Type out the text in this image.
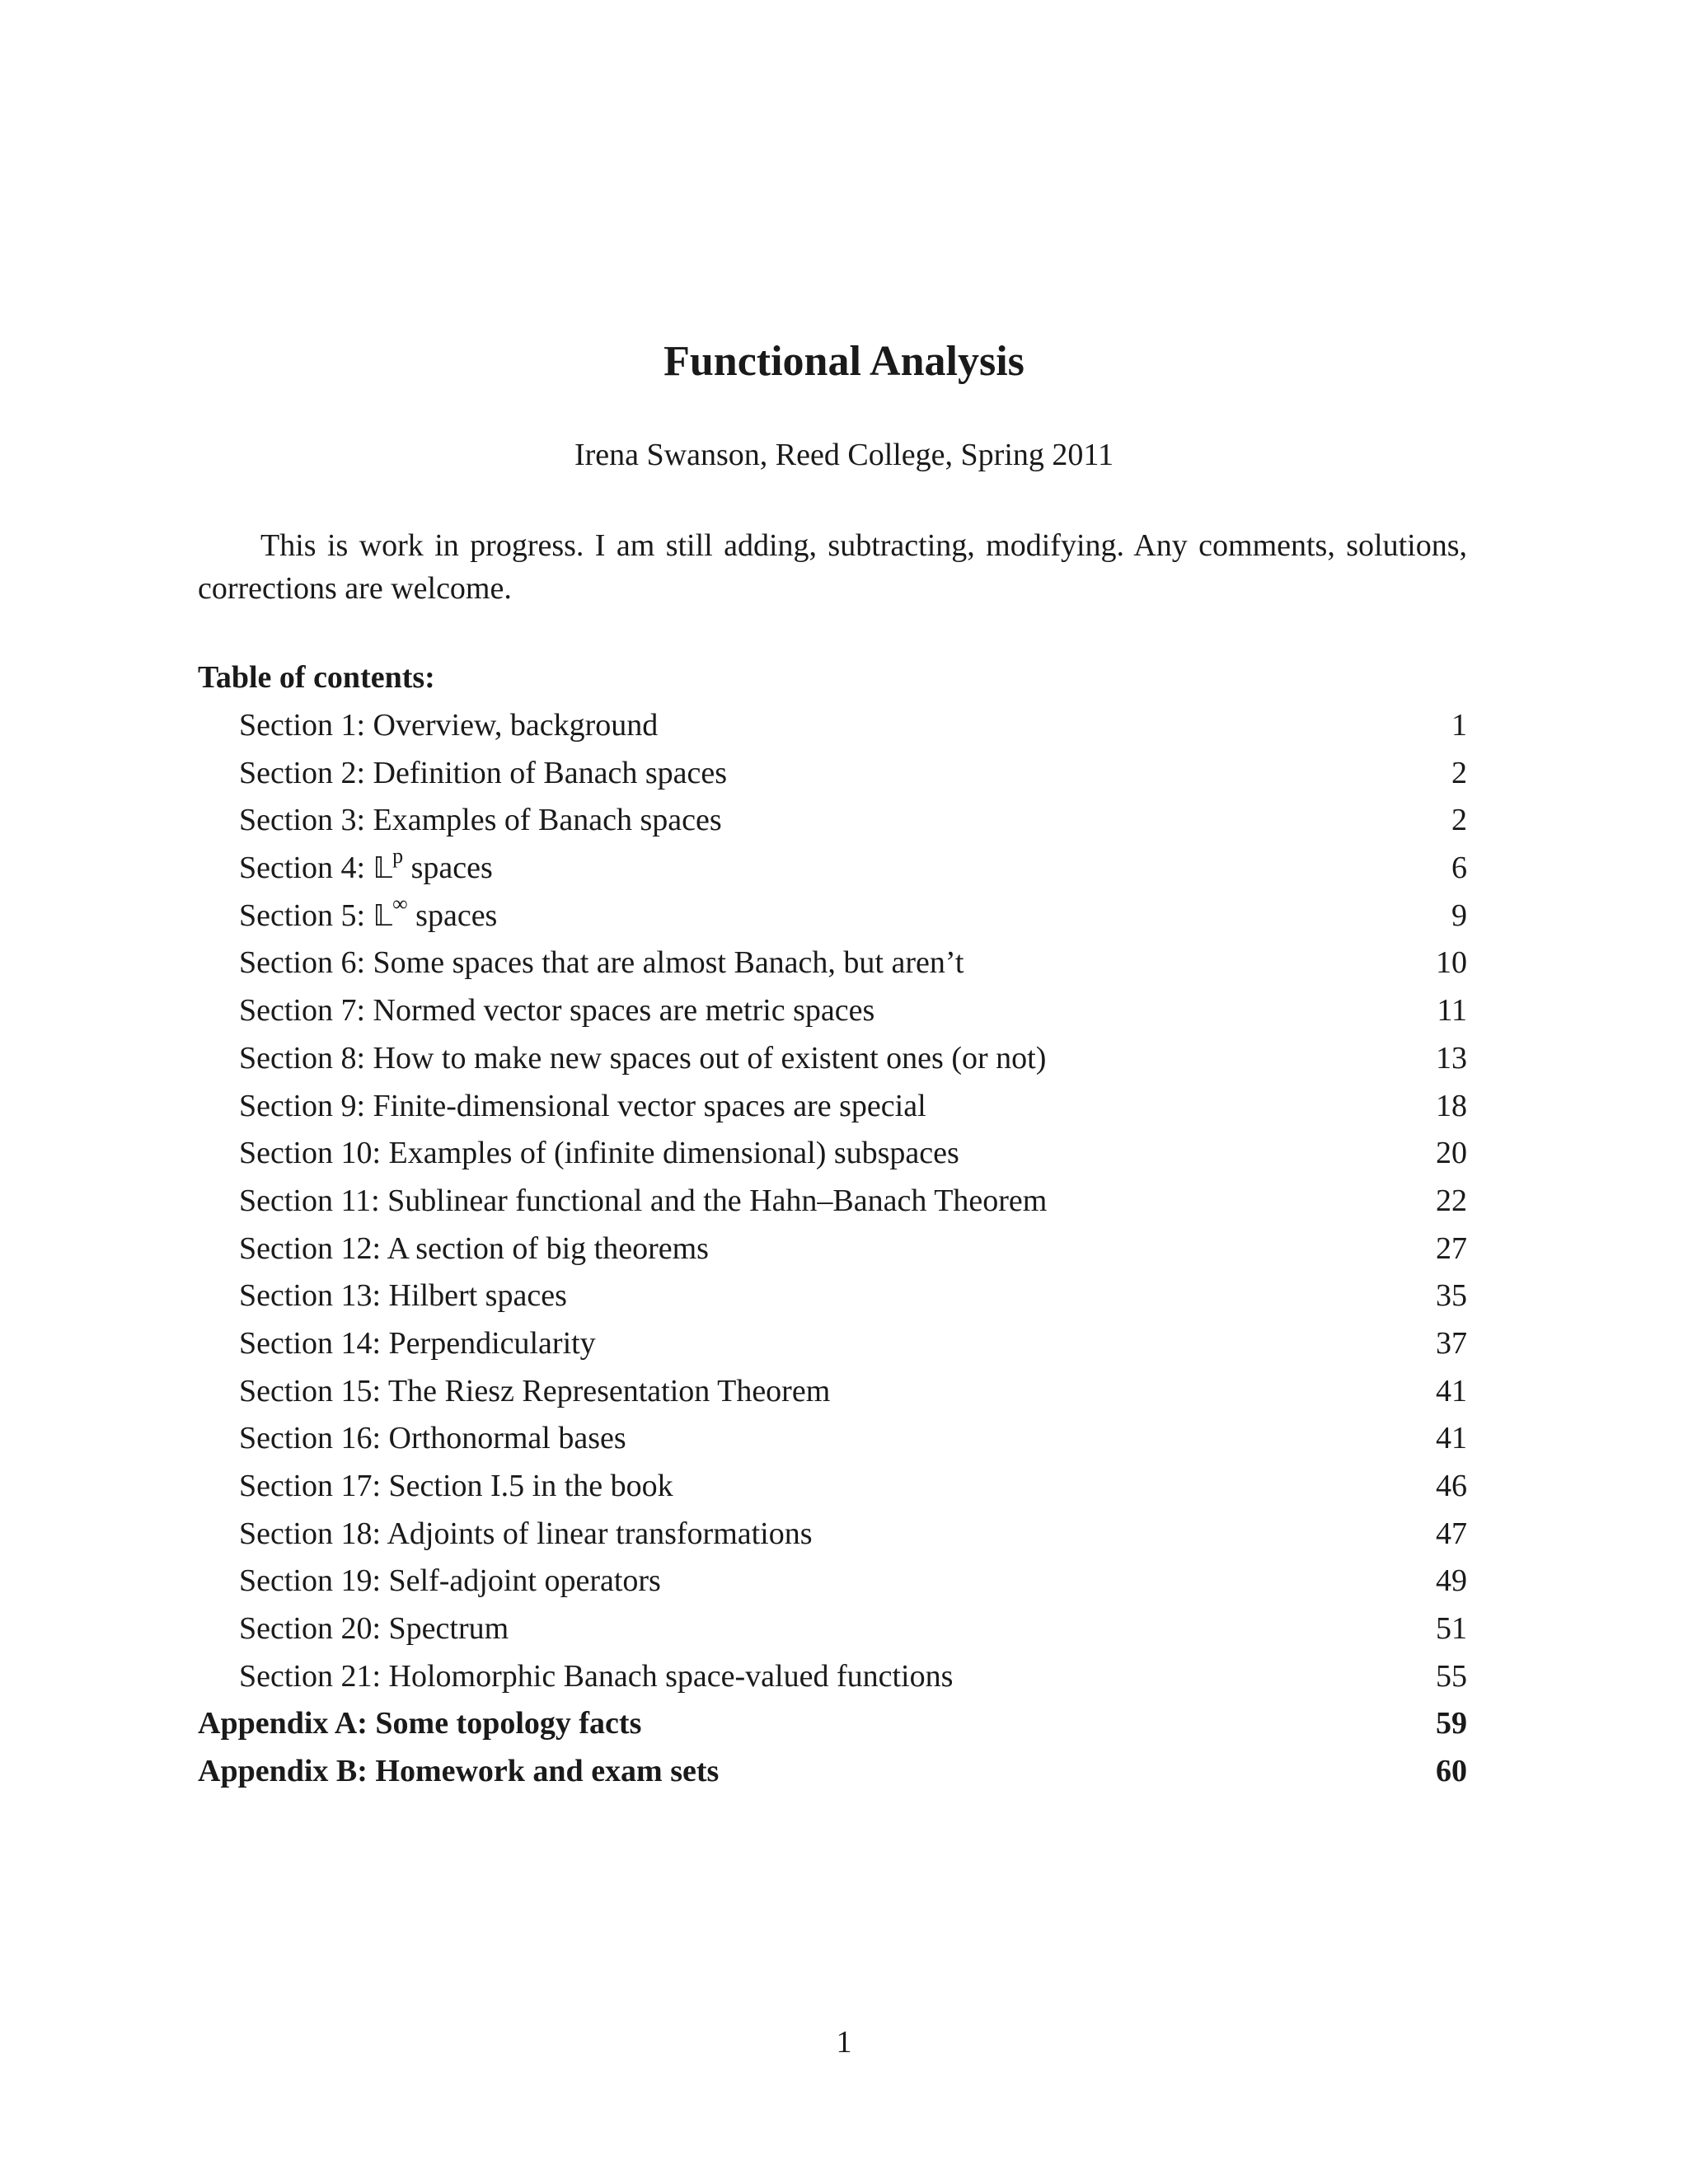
Functional Analysis
Irena Swanson, Reed College, Spring 2011

This is work in progress. I am still adding, subtracting, modifying. Any comments, solutions, corrections are welcome.

Table of contents:
Section 1: Overview, background	1
Section 2: Definition of Banach spaces	2
Section 3: Examples of Banach spaces	2
Section 4: 𝕃$^p$ spaces	6
Section 5: 𝕃∞ spaces	9
Section 6: Some spaces that are almost Banach, but aren’t	10
Section 7: Normed vector spaces are metric spaces	11
Section 8: How to make new spaces out of existent ones (or not)	13
Section 9: Finite-dimensional vector spaces are special	18
Section 10: Examples of (infinite dimensional) subspaces	20
Section 11: Sublinear functional and the Hahn–Banach Theorem	22
Section 12: A section of big theorems	27
Section 13: Hilbert spaces	35
Section 14: Perpendicularity	37
Section 15: The Riesz Representation Theorem	41
Section 16: Orthonormal bases	41
Section 17: Section I.5 in the book	46
Section 18: Adjoints of linear transformations	47
Section 19: Self-adjoint operators	49
Section 20: Spectrum	51
Section 21: Holomorphic Banach space-valued functions	55
Appendix A: Some topology facts	59
Appendix B: Homework and exam sets	60
1
